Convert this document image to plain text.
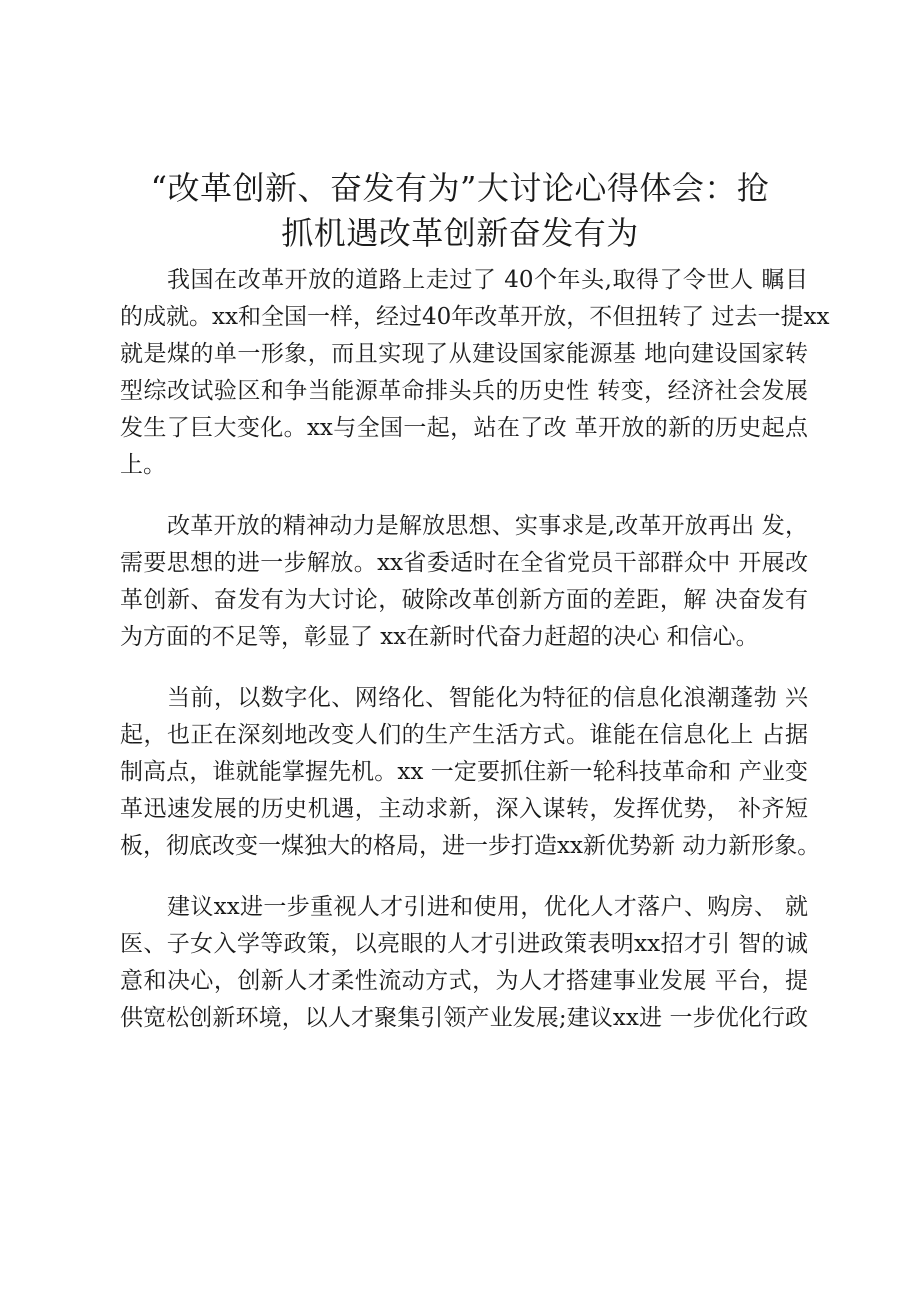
“改革创新、奋发有为”大讨论心得体会：抢
抓机遇改革创新奋发有为
我国在改革开放的道路上走过了 40个年头,取得了令世人 瞩目
的成就。xx和全国一样，经过40年改革开放，不但扭转了 过去一提xx
就是煤的单一形象，而且实现了从建设国家能源基 地向建设国家转
型综改试验区和争当能源革命排头兵的历史性 转变，经济社会发展
发生了巨大变化。xx与全国一起，站在了改 革开放的新的历史起点
上。
改革开放的精神动力是解放思想、实事求是,改革开放再出 发，
需要思想的进一步解放。xx省委适时在全省党员干部群众中 开展改
革创新、奋发有为大讨论，破除改革创新方面的差距，解 决奋发有
为方面的不足等，彰显了 xx在新时代奋力赶超的决心 和信心。
当前，以数字化、网络化、智能化为特征的信息化浪潮蓬勃 兴
起，也正在深刻地改变人们的生产生活方式。谁能在信息化上 占据
制高点，谁就能掌握先机。xx 一定要抓住新一轮科技革命和 产业变
革迅速发展的历史机遇，主动求新，深入谋转，发挥优势， 补齐短
板，彻底改变一煤独大的格局，进一步打造xx新优势新 动力新形象。
建议xx进一步重视人才引进和使用，优化人才落户、购房、 就
医、子女入学等政策，以亮眼的人才引进政策表明xx招才引 智的诚
意和决心，创新人才柔性流动方式，为人才搭建事业发展 平台，提
供宽松创新环境，以人才聚集引领产业发展;建议xx进 一步优化行政
